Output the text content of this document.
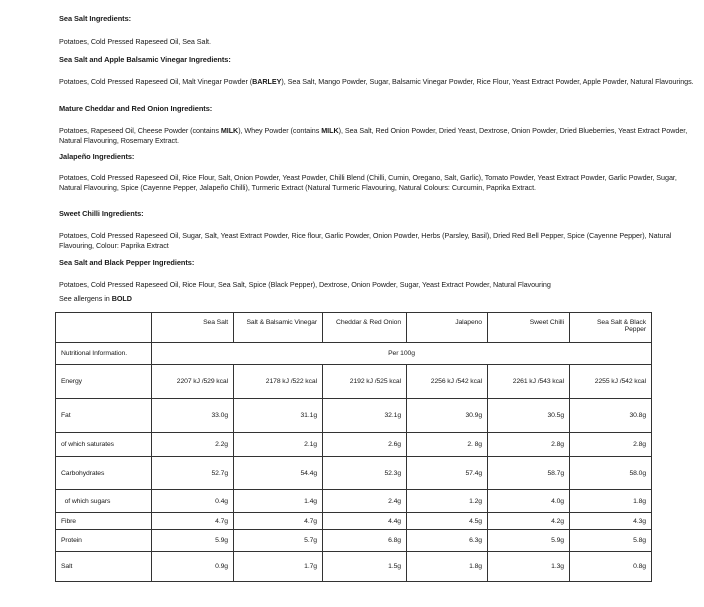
Sea Salt Ingredients:
Potatoes, Cold Pressed Rapeseed Oil, Sea Salt.
Sea Salt and Apple Balsamic Vinegar Ingredients:
Potatoes, Cold Pressed Rapeseed Oil, Malt Vinegar Powder (BARLEY), Sea Salt, Mango Powder, Sugar, Balsamic Vinegar Powder, Rice Flour, Yeast Extract Powder, Apple Powder, Natural Flavourings.
Mature Cheddar and Red Onion Ingredients:
Potatoes, Rapeseed Oil, Cheese Powder (contains MILK), Whey Powder (contains MILK), Sea Salt, Red Onion Powder, Dried Yeast, Dextrose, Onion Powder, Dried Blueberries, Yeast Extract Powder, Natural Flavouring, Rosemary Extract.
Jalapeño Ingredients:
Potatoes, Cold Pressed Rapeseed Oil, Rice Flour, Salt, Onion Powder, Yeast Powder, Chilli Blend (Chilli, Cumin, Oregano, Salt, Garlic), Tomato Powder, Yeast Extract Powder, Garlic Powder, Sugar, Natural Flavouring, Spice (Cayenne Pepper, Jalapeño Chilli), Turmeric Extract (Natural Turmeric Flavouring, Natural Colours: Curcumin, Paprika Extract.
Sweet Chilli Ingredients:
Potatoes, Cold Pressed Rapeseed Oil, Sugar, Salt, Yeast Extract Powder, Rice flour, Garlic Powder, Onion Powder, Herbs (Parsley, Basil), Dried Red Bell Pepper, Spice (Cayenne Pepper), Natural Flavouring, Colour: Paprika Extract
Sea Salt and Black Pepper Ingredients:
Potatoes, Cold Pressed Rapeseed Oil, Rice Flour, Sea Salt, Spice (Black Pepper), Dextrose, Onion Powder, Sugar, Yeast Extract Powder, Natural Flavouring
See allergens in BOLD
	Sea Salt	Salt & Balsamic Vinegar	Cheddar & Red Onion	Jalapeno	Sweet Chilli	Sea Salt & Black Pepper
Nutritional Information.	Per 100g					
Energy	2207 kJ /529 kcal	2178 kJ /522 kcal	2192 kJ /525 kcal	2256 kJ /542 kcal	2261 kJ /543 kcal	2255 kJ /542 kcal
Fat	33.0g	31.1g	32.1g	30.9g	30.5g	30.8g
of which saturates	2.2g	2.1g	2.6g	2. 8g	2.8g	2.8g
Carbohydrates	52.7g	54.4g	52.3g	57.4g	58.7g	58.0g
of which sugars	0.4g	1.4g	2.4g	1.2g	4.0g	1.8g
Fibre	4.7g	4.7g	4.4g	4.5g	4.2g	4.3g
Protein	5.9g	5.7g	6.8g	6.3g	5.9g	5.8g
Salt	0.9g	1.7g	1.5g	1.8g	1.3g	0.8g
